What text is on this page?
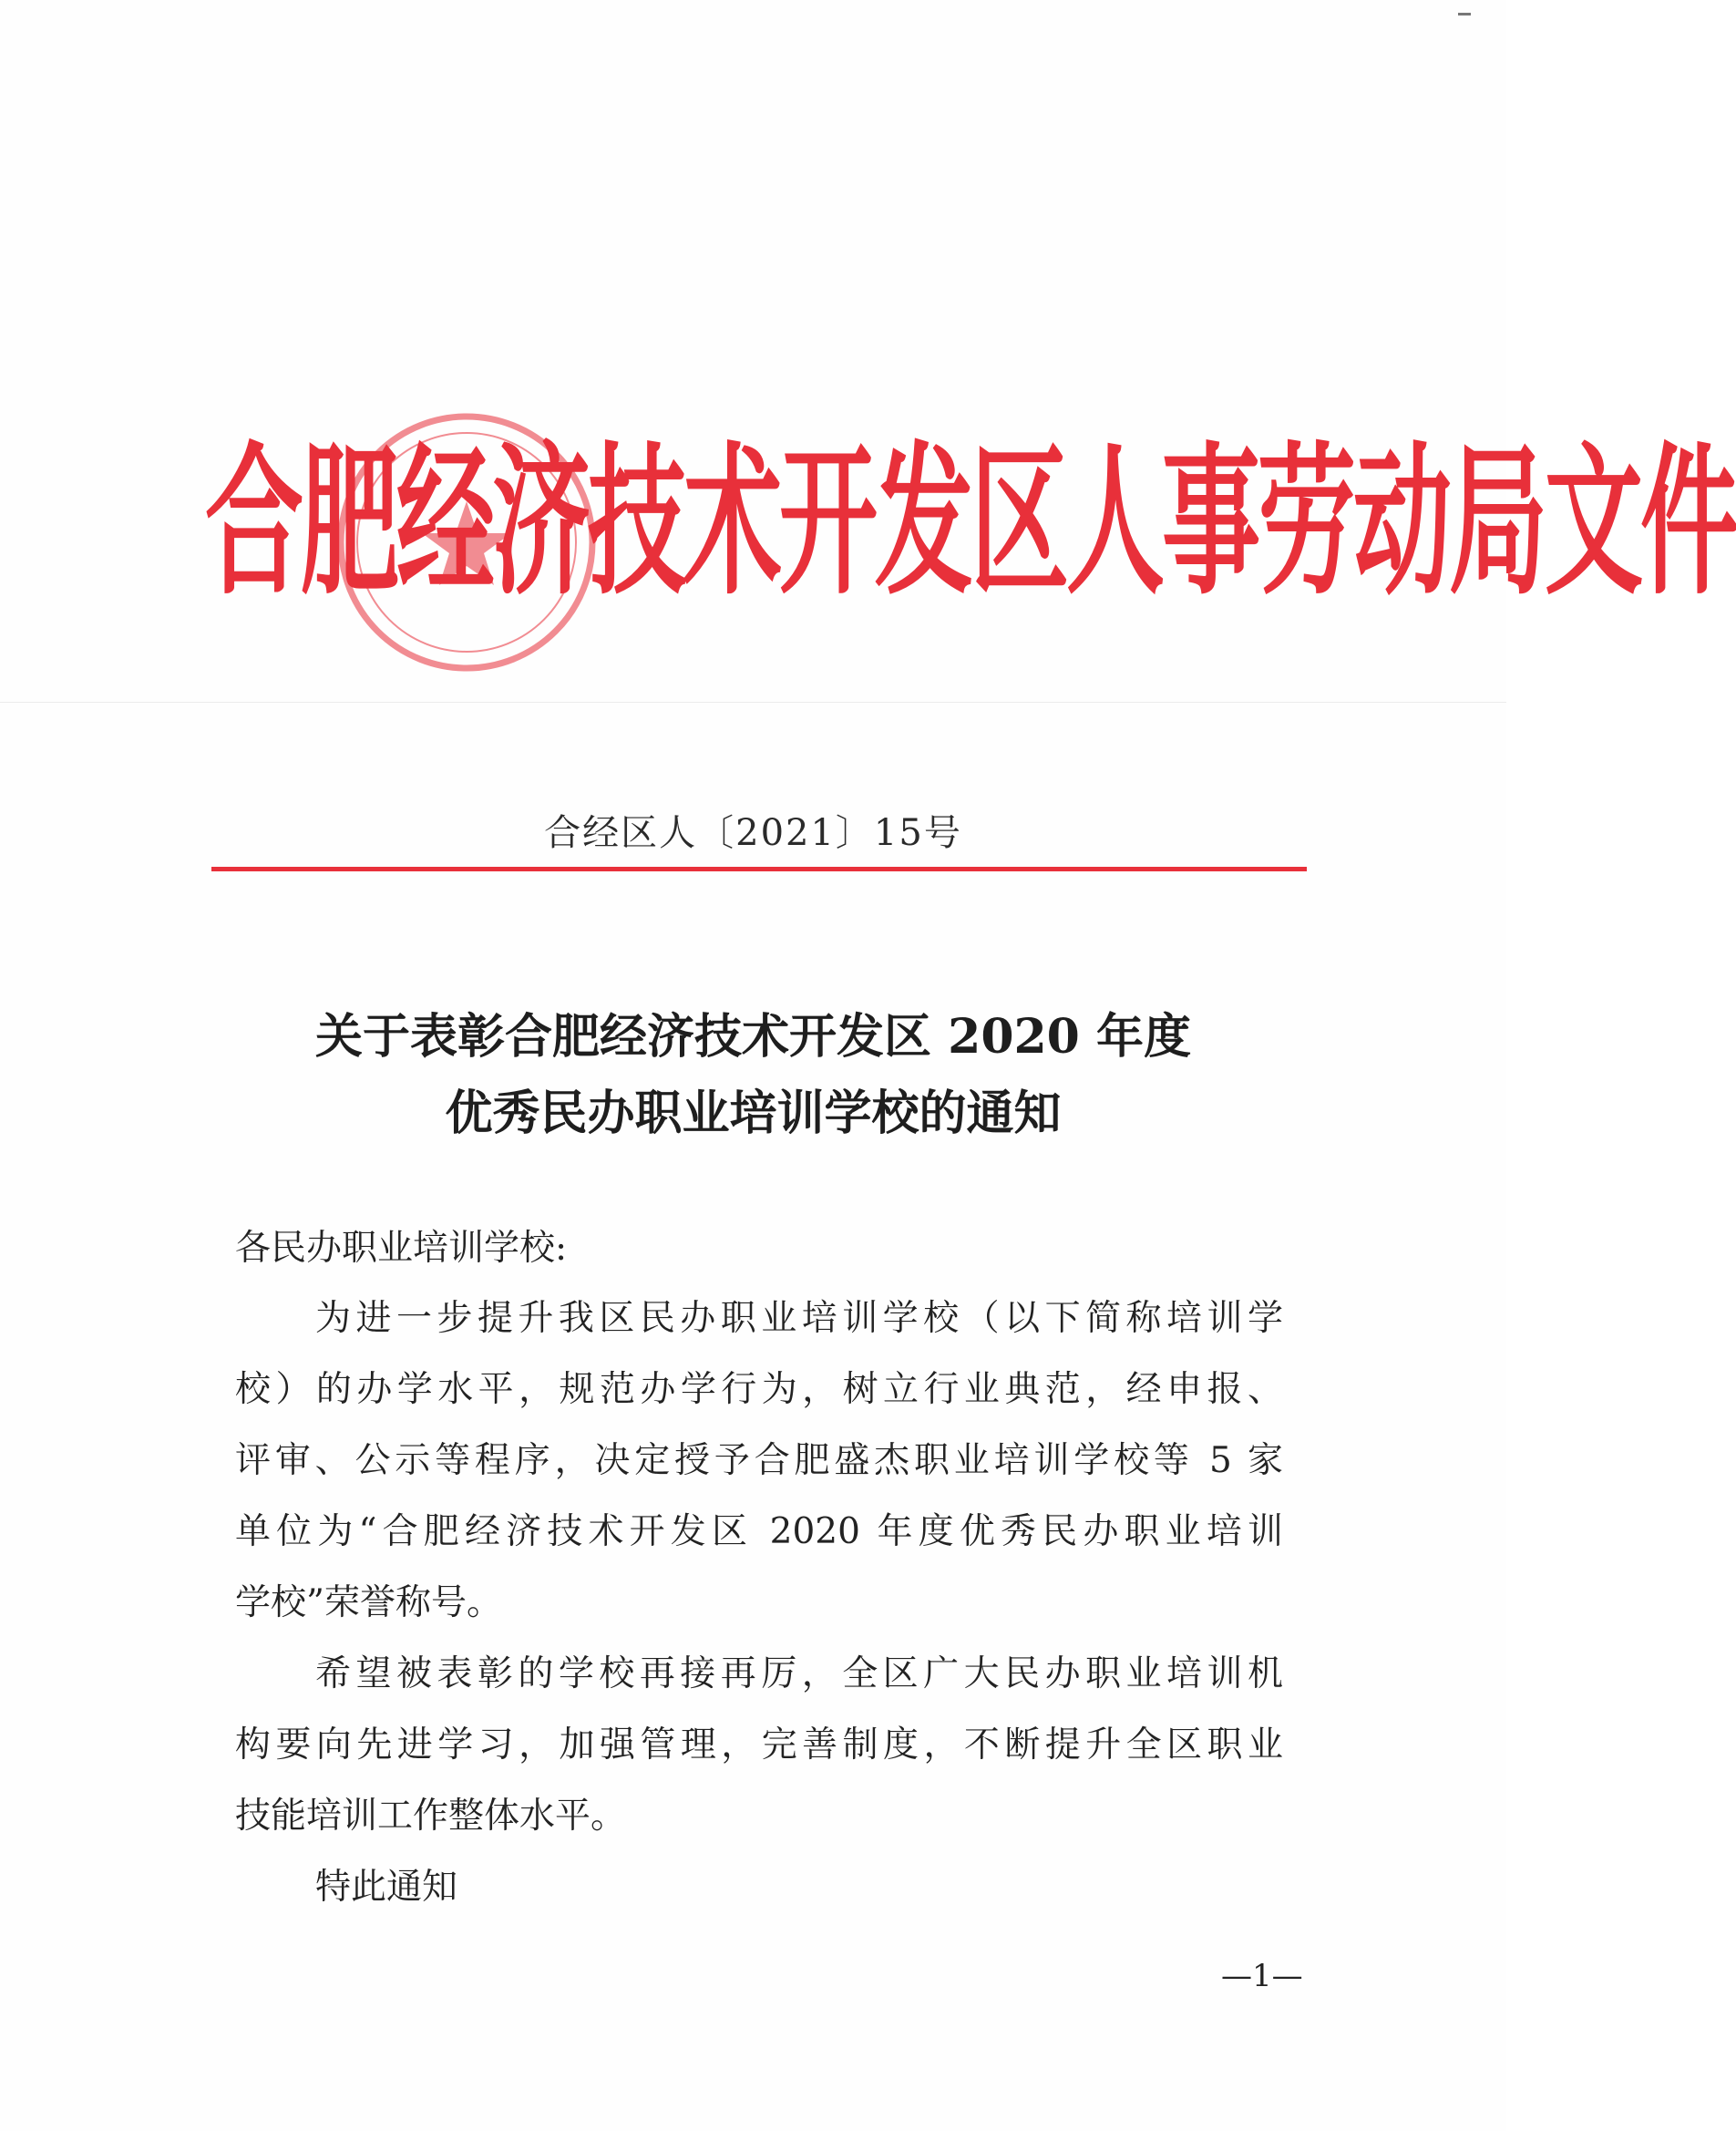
合肥经济技术开发区人事劳动局文件
合经区人〔2021〕15号
关于表彰合肥经济技术开发区 2020 年度
优秀民办职业培训学校的通知
各民办职业培训学校:
为进一步提升我区民办职业培训学校（以下简称培训学
校）的办学水平，规范办学行为，树立行业典范，经申报、
评审、公示等程序，决定授予合肥盛杰职业培训学校等 5 家
单位为“合肥经济技术开发区 2020 年度优秀民办职业培训
学校”荣誉称号。
希望被表彰的学校再接再厉，全区广大民办职业培训机
构要向先进学习，加强管理，完善制度，不断提升全区职业
技能培训工作整体水平。
特此通知
—1—
